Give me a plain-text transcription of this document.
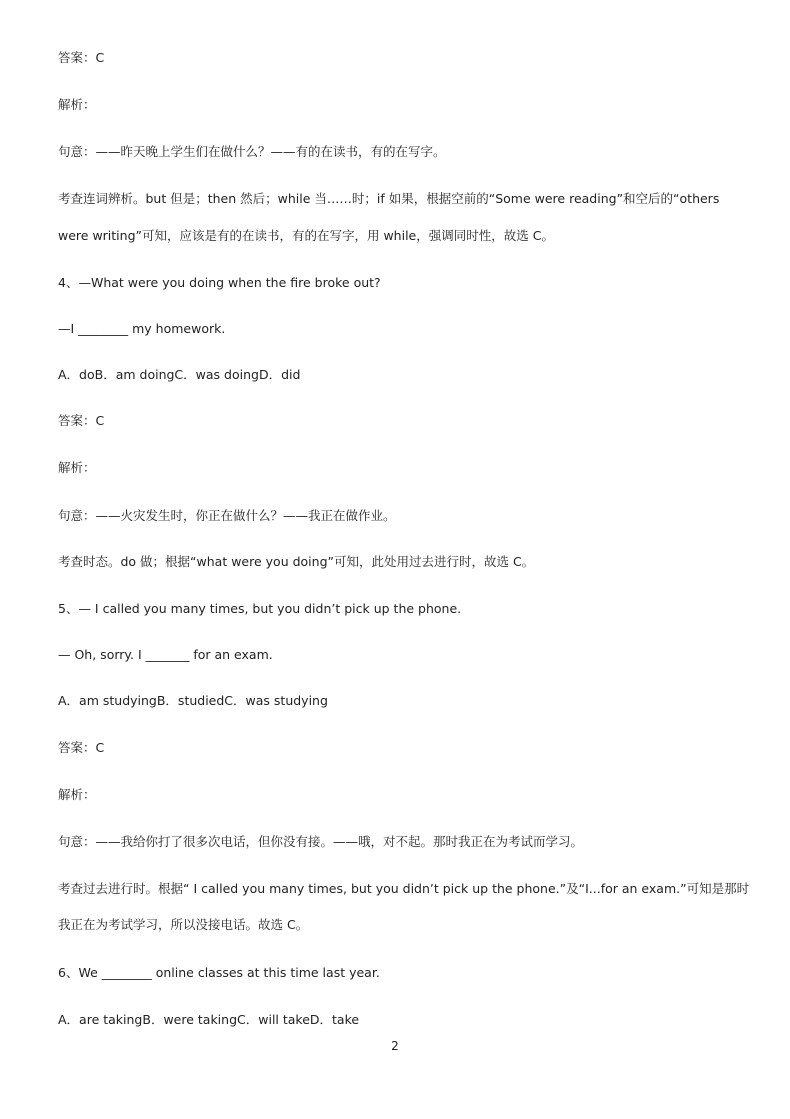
答案：C
解析：
句意：——昨天晚上学生们在做什么？——有的在读书，有的在写字。
考查连词辨析。but 但是；then 然后；while 当……时；if 如果，根据空前的“Some were reading”和空后的“others
were writing”可知，应该是有的在读书，有的在写字，用 while，强调同时性，故选 C。
4、—What were you doing when the fire broke out?
—I ________ my homework.
A．doB．am doingC．was doingD．did
答案：C
解析：
句意：——火灾发生时，你正在做什么？——我正在做作业。
考查时态。do 做；根据“what were you doing”可知，此处用过去进行时，故选 C。
5、— I called you many times, but you didn’t pick up the phone.
— Oh, sorry. I _______ for an exam.
A．am studyingB．studiedC．was studying
答案：C
解析：
句意：——我给你打了很多次电话，但你没有接。——哦，对不起。那时我正在为考试而学习。
考查过去进行时。根据“ I called you many times, but you didn’t pick up the phone.”及“I...for an exam.”可知是那时
我正在为考试学习，所以没接电话。故选 C。
6、We ________ online classes at this time last year.
A．are takingB．were takingC．will takeD．take
2
